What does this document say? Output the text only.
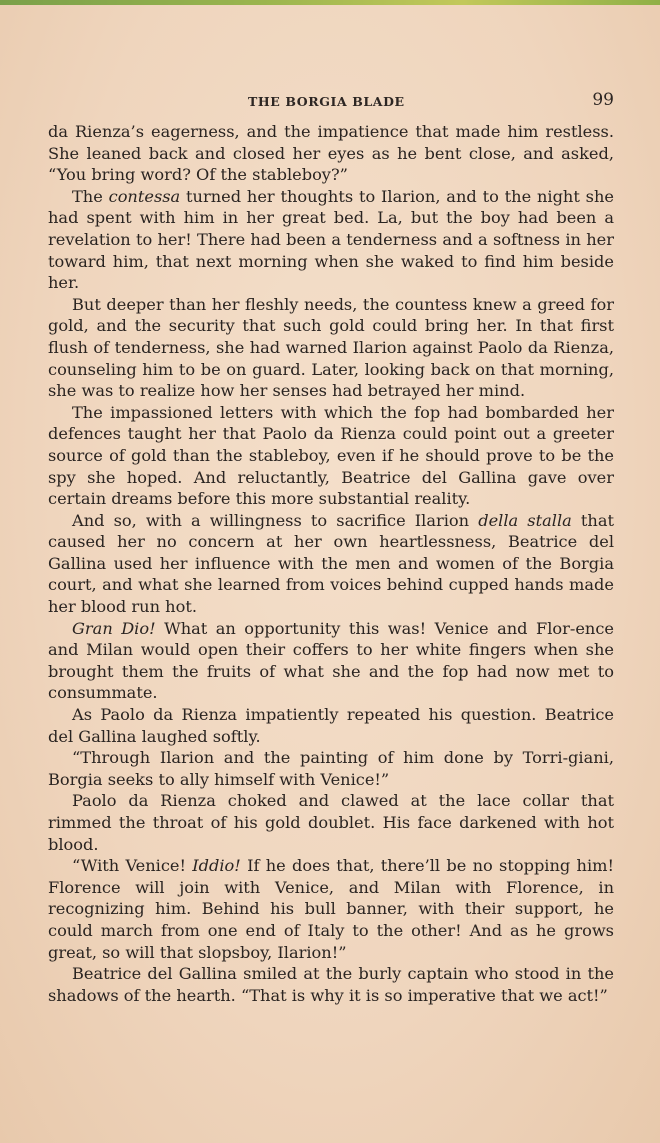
THE BORGIA BLADE	99

da Rienza’s eagerness, and the impatience that made him restless. She leaned back and closed her eyes as he bent close, and asked, “You bring word? Of the stableboy?”

The contessa turned her thoughts to Ilarion, and to the night she had spent with him in her great bed. La, but the boy had been a revelation to her! There had been a tenderness and a softness in her toward him, that next morning when she waked to find him beside her.

But deeper than her fleshly needs, the countess knew a greed for gold, and the security that such gold could bring her. In that first flush of tenderness, she had warned Ilarion against Paolo da Rienza, counseling him to be on guard. Later, looking back on that morning, she was to realize how her senses had betrayed her mind.

The impassioned letters with which the fop had bombarded her defences taught her that Paolo da Rienza could point out a greeter source of gold than the stableboy, even if he should prove to be the spy she hoped. And reluctantly, Beatrice del Gallina gave over certain dreams before this more substantial reality.

And so, with a willingness to sacrifice Ilarion della stalla that caused her no concern at her own heartlessness, Beatrice del Gallina used her influence with the men and women of the Borgia court, and what she learned from voices behind cupped hands made her blood run hot.

Gran Dio! What an opportunity this was! Venice and Flor-ence and Milan would open their coffers to her white fingers when she brought them the fruits of what she and the fop had now met to consummate.

As Paolo da Rienza impatiently repeated his question. Beatrice del Gallina laughed softly.

“Through Ilarion and the painting of him done by Torri-giani, Borgia seeks to ally himself with Venice!”

Paolo da Rienza choked and clawed at the lace collar that rimmed the throat of his gold doublet. His face darkened with hot blood.

“With Venice! Iddio! If he does that, there’ll be no stopping him! Florence will join with Venice, and Milan with Florence, in recognizing him. Behind his bull banner, with their support, he could march from one end of Italy to the other! And as he grows great, so will that slopsboy, Ilarion!”

Beatrice del Gallina smiled at the burly captain who stood in the shadows of the hearth. “That is why it is so imperative that we act!”
